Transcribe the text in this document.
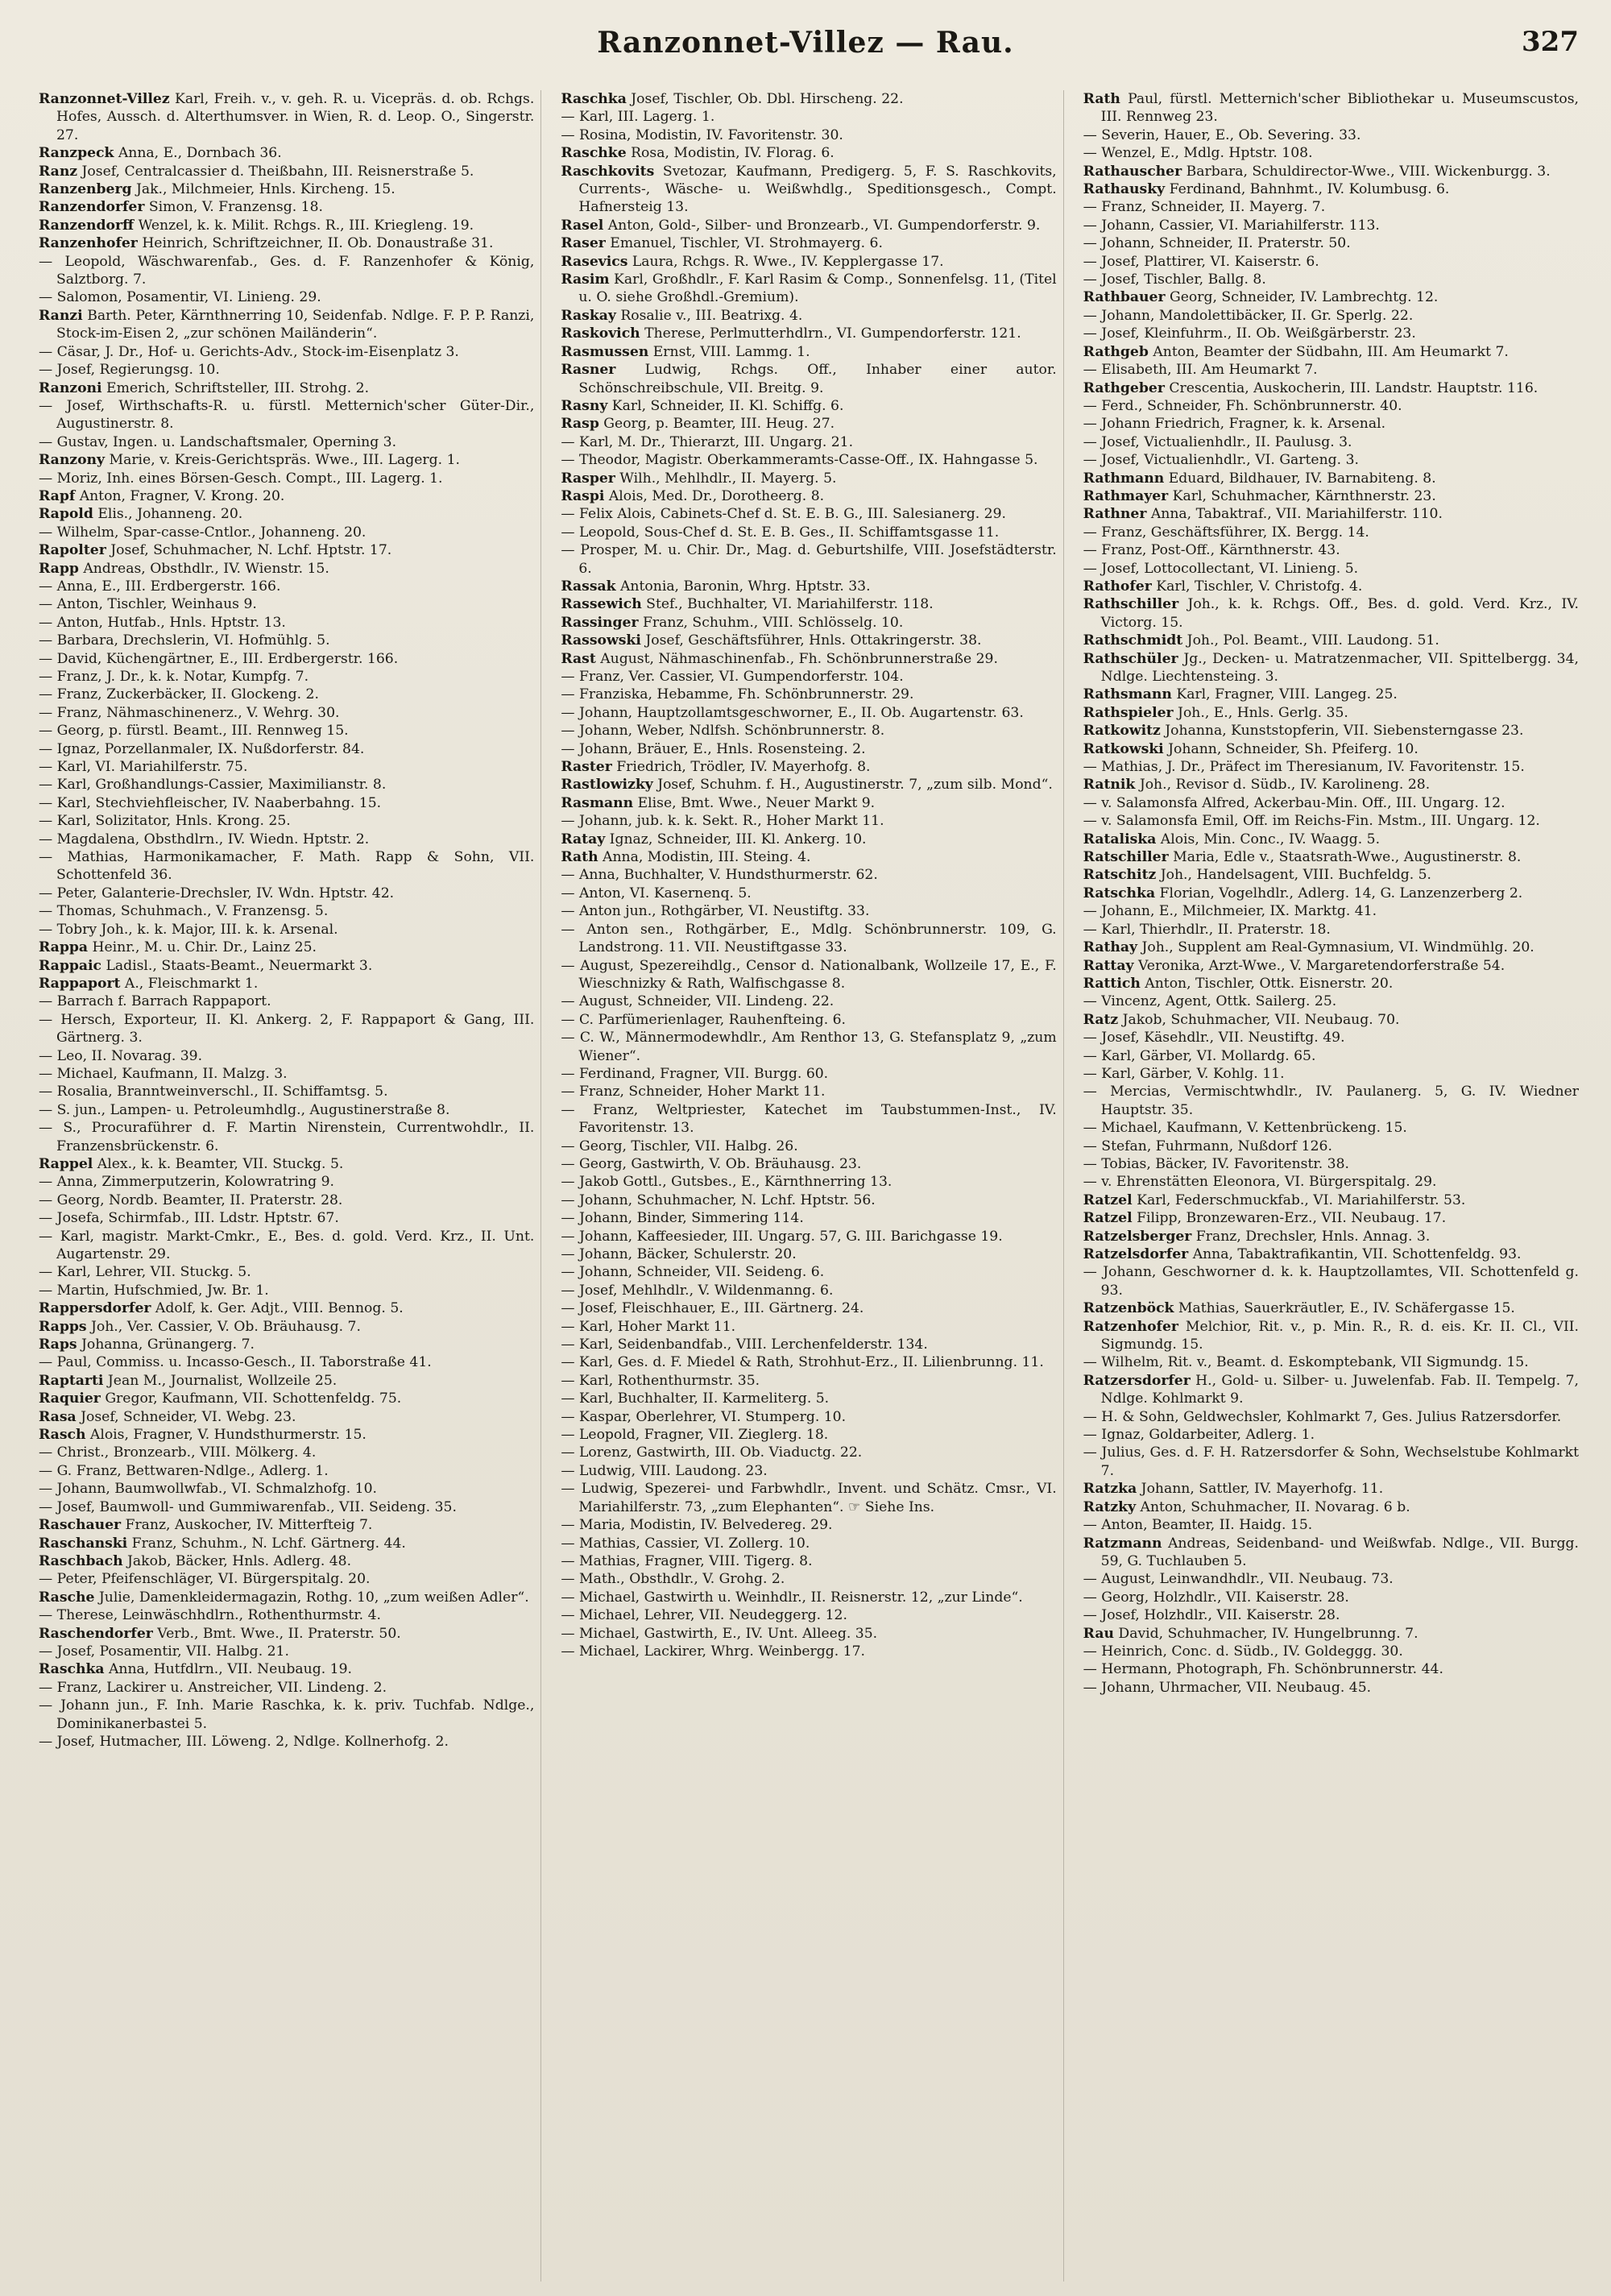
Ranzonnet-Villez — Rau.	327

Ranzonnet-Villez Karl, Freih. v., v. geh. R. u. Vicepräs. d. ob. Rchgs. Hofes, Aussch. d. Alterthumsver. in Wien, R. d. Leop. O., Singerstr. 27.

Ranzpeck Anna, E., Dornbach 36.

Ranz Josef, Centralcassier d. Theißbahn, III. Reisnerstraße 5.

Ranzenberg Jak., Milchmeier, Hnls. Kircheng. 15.

Ranzendorfer Simon, V. Franzensg. 18.

Ranzendorff Wenzel, k. k. Milit. Rchgs. R., III. Kriegleng. 19.

Ranzenhofer Heinrich, Schriftzeichner, II. Ob. Donaustraße 31.

— Leopold, Wäschwarenfab., Ges. d. F. Ranzenhofer & König, Salztborg. 7.

— Salomon, Posamentir, VI. Linieng. 29.

Ranzi Barth. Peter, Kärnthnerring 10, Seidenfab. Ndlge. F. P. P. Ranzi, Stock-im-Eisen 2, „zur schönen Mailänderin“.

— Cäsar, J. Dr., Hof- u. Gerichts-Adv., Stock-im-Eisenplatz 3.

— Josef, Regierungsg. 10.

Ranzoni Emerich, Schriftsteller, III. Strohg. 2.

— Josef, Wirthschafts-R. u. fürstl. Metternich'scher Güter-Dir., Augustinerstr. 8.

— Gustav, Ingen. u. Landschaftsmaler, Operning 3.

Ranzony Marie, v. Kreis-Gerichtspräs. Wwe., III. Lagerg. 1.

— Moriz, Inh. eines Börsen-Gesch. Compt., III. Lagerg. 1.

Rapf Anton, Fragner, V. Krong. 20.

Rapold Elis., Johanneng. 20.

— Wilhelm, Spar-casse-Cntlor., Johanneng. 20.

Rapolter Josef, Schuhmacher, N. Lchf. Hptstr. 17.

Rapp Andreas, Obsthdlr., IV. Wienstr. 15.

— Anna, E., III. Erdbergerstr. 166.

— Anton, Tischler, Weinhaus 9.

— Anton, Hutfab., Hnls. Hptstr. 13.

— Barbara, Drechslerin, VI. Hofmühlg. 5.

— David, Küchengärtner, E., III. Erdbergerstr. 166.

— Franz, J. Dr., k. k. Notar, Kumpfg. 7.

— Franz, Zuckerbäcker, II. Glockeng. 2.

— Franz, Nähmaschinenerz., V. Wehrg. 30.

— Georg, p. fürstl. Beamt., III. Rennweg 15.

— Ignaz, Porzellanmaler, IX. Nußdorferstr. 84.

— Karl, VI. Mariahilferstr. 75.

— Karl, Großhandlungs-Cassier, Maximilianstr. 8.

— Karl, Stechviehfleischer, IV. Naaberbahng. 15.

— Karl, Solizitator, Hnls. Krong. 25.

— Magdalena, Obsthdlrn., IV. Wiedn. Hptstr. 2.

— Mathias, Harmonikamacher, F. Math. Rapp & Sohn, VII. Schottenfeld 36.

— Peter, Galanterie-Drechsler, IV. Wdn. Hptstr. 42.

— Thomas, Schuhmach., V. Franzensg. 5.

— Tobry Joh., k. k. Major, III. k. k. Arsenal.

Rappa Heinr., M. u. Chir. Dr., Lainz 25.

Rappaic Ladisl., Staats-Beamt., Neuermarkt 3.

Rappaport A., Fleischmarkt 1.

— Barrach f. Barrach Rappaport.

— Hersch, Exporteur, II. Kl. Ankerg. 2, F. Rappaport & Gang, III. Gärtnerg. 3.

— Leo, II. Novarag. 39.

— Michael, Kaufmann, II. Malzg. 3.

— Rosalia, Branntweinverschl., II. Schiffamtsg. 5.

— S. jun., Lampen- u. Petroleumhdlg., Augustinerstraße 8.

— S., Procuraführer d. F. Martin Nirenstein, Currentwohdlr., II. Franzensbrückenstr. 6.

Rappel Alex., k. k. Beamter, VII. Stuckg. 5.

— Anna, Zimmerputzerin, Kolowratring 9.

— Georg, Nordb. Beamter, II. Praterstr. 28.

— Josefa, Schirmfab., III. Ldstr. Hptstr. 67.

— Karl, magistr. Markt-Cmkr., E., Bes. d. gold. Verd. Krz., II. Unt. Augartenstr. 29.

— Karl, Lehrer, VII. Stuckg. 5.

— Martin, Hufschmied, Jw. Br. 1.

Rappersdorfer Adolf, k. Ger. Adjt., VIII. Bennog. 5.

Rapps Joh., Ver. Cassier, V. Ob. Bräuhausg. 7.

Raps Johanna, Grünangerg. 7.

— Paul, Commiss. u. Incasso-Gesch., II. Taborstraße 41.

Raptarti Jean M., Journalist, Wollzeile 25.

Raquier Gregor, Kaufmann, VII. Schottenfeldg. 75.

Rasa Josef, Schneider, VI. Webg. 23.

Rasch Alois, Fragner, V. Hundsthurmerstr. 15.

— Christ., Bronzearb., VIII. Mölkerg. 4.

— G. Franz, Bettwaren-Ndlge., Adlerg. 1.

— Johann, Baumwollwfab., VI. Schmalzhofg. 10.

— Josef, Baumwoll- und Gummiwarenfab., VII. Seideng. 35.

Raschauer Franz, Auskocher, IV. Mitterfteig 7.

Raschanski Franz, Schuhm., N. Lchf. Gärtnerg. 44.

Raschbach Jakob, Bäcker, Hnls. Adlerg. 48.

— Peter, Pfeifenschläger, VI. Bürgerspitalg. 20.

Rasche Julie, Damenkleidermagazin, Rothg. 10, „zum weißen Adler“.

— Therese, Leinwäschhdlrn., Rothenthurmstr. 4.

Raschendorfer Verb., Bmt. Wwe., II. Praterstr. 50.

— Josef, Posamentir, VII. Halbg. 21.

Raschka Anna, Hutfdlrn., VII. Neubaug. 19.

— Franz, Lackirer u. Anstreicher, VII. Lindeng. 2.

— Johann jun., F. Inh. Marie Raschka, k. k. priv. Tuchfab. Ndlge., Dominikanerbastei 5.

— Josef, Hutmacher, III. Löweng. 2, Ndlge. Kollnerhofg. 2.

Raschka Josef, Tischler, Ob. Dbl. Hirscheng. 22.

— Karl, III. Lagerg. 1.

— Rosina, Modistin, IV. Favoritenstr. 30.

Raschke Rosa, Modistin, IV. Florag. 6.

Raschkovits Svetozar, Kaufmann, Predigerg. 5, F. S. Raschkovits, Currents-, Wäsche- u. Weißwhdlg., Speditionsgesch., Compt. Hafnersteig 13.

Rasel Anton, Gold-, Silber- und Bronzearb., VI. Gumpendorferstr. 9.

Raser Emanuel, Tischler, VI. Strohmayerg. 6.

Rasevics Laura, Rchgs. R. Wwe., IV. Kepplergasse 17.

Rasim Karl, Großhdlr., F. Karl Rasim & Comp., Sonnenfelsg. 11, (Titel u. O. siehe Großhdl.-Gremium).

Raskay Rosalie v., III. Beatrixg. 4.

Raskovich Therese, Perlmutterhdlrn., VI. Gumpendorferstr. 121.

Rasmussen Ernst, VIII. Lammg. 1.

Rasner Ludwig, Rchgs. Off., Inhaber einer autor. Schönschreibschule, VII. Breitg. 9.

Rasny Karl, Schneider, II. Kl. Schiffg. 6.

Rasp Georg, p. Beamter, III. Heug. 27.

— Karl, M. Dr., Thierarzt, III. Ungarg. 21.

— Theodor, Magistr. Oberkammeramts-Casse-Off., IX. Hahngasse 5.

Rasper Wilh., Mehlhdlr., II. Mayerg. 5.

Raspi Alois, Med. Dr., Dorotheerg. 8.

— Felix Alois, Cabinets-Chef d. St. E. B. G., III. Salesianerg. 29.

— Leopold, Sous-Chef d. St. E. B. Ges., II. Schiffamtsgasse 11.

— Prosper, M. u. Chir. Dr., Mag. d. Geburtshilfe, VIII. Josefstädterstr. 6.

Rassak Antonia, Baronin, Whrg. Hptstr. 33.

Rassewich Stef., Buchhalter, VI. Mariahilferstr. 118.

Rassinger Franz, Schuhm., VIII. Schlösselg. 10.

Rassowski Josef, Geschäftsführer, Hnls. Ottakringerstr. 38.

Rast August, Nähmaschinenfab., Fh. Schönbrunnerstraße 29.

— Franz, Ver. Cassier, VI. Gumpendorferstr. 104.

— Franziska, Hebamme, Fh. Schönbrunnerstr. 29.

— Johann, Hauptzollamtsgeschworner, E., II. Ob. Augartenstr. 63.

— Johann, Weber, Ndlfsh. Schönbrunnerstr. 8.

— Johann, Bräuer, E., Hnls. Rosensteing. 2.

Raster Friedrich, Trödler, IV. Mayerhofg. 8.

Rastlowizky Josef, Schuhm. f. H., Augustinerstr. 7, „zum silb. Mond“.

Rasmann Elise, Bmt. Wwe., Neuer Markt 9.

— Johann, jub. k. k. Sekt. R., Hoher Markt 11.

Ratay Ignaz, Schneider, III. Kl. Ankerg. 10.

Rath Anna, Modistin, III. Steing. 4.

— Anna, Buchhalter, V. Hundsthurmerstr. 62.

— Anton, VI. Kasernenq. 5.

— Anton jun., Rothgärber, VI. Neustiftg. 33.

— Anton sen., Rothgärber, E., Mdlg. Schönbrunnerstr. 109, G. Landstrong. 11. VII. Neustiftgasse 33.

— August, Spezereihdlg., Censor d. Nationalbank, Wollzeile 17, E., F. Wieschnizky & Rath, Walfischgasse 8.

— August, Schneider, VII. Lindeng. 22.

— C. Parfümerienlager, Rauhenfteing. 6.

— C. W., Männermodewhdlr., Am Renthor 13, G. Stefansplatz 9, „zum Wiener“.

— Ferdinand, Fragner, VII. Burgg. 60.

— Franz, Schneider, Hoher Markt 11.

— Franz, Weltpriester, Katechet im Taubstummen-Inst., IV. Favoritenstr. 13.

— Georg, Tischler, VII. Halbg. 26.

— Georg, Gastwirth, V. Ob. Bräuhausg. 23.

— Jakob Gottl., Gutsbes., E., Kärnthnerring 13.

— Johann, Schuhmacher, N. Lchf. Hptstr. 56.

— Johann, Binder, Simmering 114.

— Johann, Kaffeesieder, III. Ungarg. 57, G. III. Barichgasse 19.

— Johann, Bäcker, Schulerstr. 20.

— Johann, Schneider, VII. Seideng. 6.

— Josef, Mehlhdlr., V. Wildenmanng. 6.

— Josef, Fleischhauer, E., III. Gärtnerg. 24.

— Karl, Hoher Markt 11.

— Karl, Seidenbandfab., VIII. Lerchenfelderstr. 134.

— Karl, Ges. d. F. Miedel & Rath, Strohhut-Erz., II. Lilienbrunng. 11.

— Karl, Rothenthurmstr. 35.

— Karl, Buchhalter, II. Karmeliterg. 5.

— Kaspar, Oberlehrer, VI. Stumperg. 10.

— Leopold, Fragner, VII. Zieglerg. 18.

— Lorenz, Gastwirth, III. Ob. Viaductg. 22.

— Ludwig, VIII. Laudong. 23.

— Ludwig, Spezerei- und Farbwhdlr., Invent. und Schätz. Cmsr., VI. Mariahilferstr. 73, „zum Elephanten“. ☞ Siehe Ins.

— Maria, Modistin, IV. Belvedereg. 29.

— Mathias, Cassier, VI. Zollerg. 10.

— Mathias, Fragner, VIII. Tigerg. 8.

— Math., Obsthdlr., V. Grohg. 2.

— Michael, Gastwirth u. Weinhdlr., II. Reisnerstr. 12, „zur Linde“.

— Michael, Lehrer, VII. Neudeggerg. 12.

— Michael, Gastwirth, E., IV. Unt. Alleeg. 35.

— Michael, Lackirer, Whrg. Weinbergg. 17.

Rath Paul, fürstl. Metternich'scher Bibliothekar u. Museumscustos, III. Rennweg 23.

— Severin, Hauer, E., Ob. Severing. 33.

— Wenzel, E., Mdlg. Hptstr. 108.

Rathauscher Barbara, Schuldirector-Wwe., VIII. Wickenburgg. 3.

Rathausky Ferdinand, Bahnhmt., IV. Kolumbusg. 6.

— Franz, Schneider, II. Mayerg. 7.

— Johann, Cassier, VI. Mariahilferstr. 113.

— Johann, Schneider, II. Praterstr. 50.

— Josef, Plattirer, VI. Kaiserstr. 6.

— Josef, Tischler, Ballg. 8.

Rathbauer Georg, Schneider, IV. Lambrechtg. 12.

— Johann, Mandolettibäcker, II. Gr. Sperlg. 22.

— Josef, Kleinfuhrm., II. Ob. Weißgärberstr. 23.

Rathgeb Anton, Beamter der Südbahn, III. Am Heumarkt 7.

— Elisabeth, III. Am Heumarkt 7.

Rathgeber Crescentia, Auskocherin, III. Landstr. Hauptstr. 116.

— Ferd., Schneider, Fh. Schönbrunnerstr. 40.

— Johann Friedrich, Fragner, k. k. Arsenal.

— Josef, Victualienhdlr., II. Paulusg. 3.

— Josef, Victualienhdlr., VI. Garteng. 3.

Rathmann Eduard, Bildhauer, IV. Barnabiteng. 8.

Rathmayer Karl, Schuhmacher, Kärnthnerstr. 23.

Rathner Anna, Tabaktraf., VII. Mariahilferstr. 110.

— Franz, Geschäftsführer, IX. Bergg. 14.

— Franz, Post-Off., Kärnthnerstr. 43.

— Josef, Lottocollectant, VI. Linieng. 5.

Rathofer Karl, Tischler, V. Christofg. 4.

Rathschiller Joh., k. k. Rchgs. Off., Bes. d. gold. Verd. Krz., IV. Victorg. 15.

Rathschmidt Joh., Pol. Beamt., VIII. Laudong. 51.

Rathschüler Jg., Decken- u. Matratzenmacher, VII. Spittelbergg. 34, Ndlge. Liechtensteing. 3.

Rathsmann Karl, Fragner, VIII. Langeg. 25.

Rathspieler Joh., E., Hnls. Gerlg. 35.

Ratkowitz Johanna, Kunststopferin, VII. Siebensterngasse 23.

Ratkowski Johann, Schneider, Sh. Pfeiferg. 10.

— Mathias, J. Dr., Präfect im Theresianum, IV. Favoritenstr. 15.

Ratnik Joh., Revisor d. Südb., IV. Karolineng. 28.

— v. Salamonsfa Alfred, Ackerbau-Min. Off., III. Ungarg. 12.

— v. Salamonsfa Emil, Off. im Reichs-Fin. Mstm., III. Ungarg. 12.

Rataliska Alois, Min. Conc., IV. Waagg. 5.

Ratschiller Maria, Edle v., Staatsrath-Wwe., Augustinerstr. 8.

Ratschitz Joh., Handelsagent, VIII. Buchfeldg. 5.

Ratschka Florian, Vogelhdlr., Adlerg. 14, G. Lanzenzerberg 2.

— Johann, E., Milchmeier, IX. Marktg. 41.

— Karl, Thierhdlr., II. Praterstr. 18.

Rathay Joh., Supplent am Real-Gymnasium, VI. Windmühlg. 20.

Rattay Veronika, Arzt-Wwe., V. Margaretendorferstraße 54.

Rattich Anton, Tischler, Ottk. Eisnerstr. 20.

— Vincenz, Agent, Ottk. Sailerg. 25.

Ratz Jakob, Schuhmacher, VII. Neubaug. 70.

— Josef, Käsehdlr., VII. Neustiftg. 49.

— Karl, Gärber, VI. Mollardg. 65.

— Karl, Gärber, V. Kohlg. 11.

— Mercias, Vermischtwhdlr., IV. Paulanerg. 5, G. IV. Wiedner Hauptstr. 35.

— Michael, Kaufmann, V. Kettenbrückeng. 15.

— Stefan, Fuhrmann, Nußdorf 126.

— Tobias, Bäcker, IV. Favoritenstr. 38.

— v. Ehrenstätten Eleonora, VI. Bürgerspitalg. 29.

Ratzel Karl, Federschmuckfab., VI. Mariahilferstr. 53.

Ratzel Filipp, Bronzewaren-Erz., VII. Neubaug. 17.

Ratzelsberger Franz, Drechsler, Hnls. Annag. 3.

Ratzelsdorfer Anna, Tabaktrafikantin, VII. Schottenfeldg. 93.

— Johann, Geschworner d. k. k. Hauptzollamtes, VII. Schottenfeld g. 93.

Ratzenböck Mathias, Sauerkräutler, E., IV. Schäfergasse 15.

Ratzenhofer Melchior, Rit. v., p. Min. R., R. d. eis. Kr. II. Cl., VII. Sigmundg. 15.

— Wilhelm, Rit. v., Beamt. d. Eskomptebank, VII Sigmundg. 15.

Ratzersdorfer H., Gold- u. Silber- u. Juwelenfab. Fab. II. Tempelg. 7, Ndlge. Kohlmarkt 9.

— H. & Sohn, Geldwechsler, Kohlmarkt 7, Ges. Julius Ratzersdorfer.

— Ignaz, Goldarbeiter, Adlerg. 1.

— Julius, Ges. d. F. H. Ratzersdorfer & Sohn, Wechselstube Kohlmarkt 7.

Ratzka Johann, Sattler, IV. Mayerhofg. 11.

Ratzky Anton, Schuhmacher, II. Novarag. 6 b.

— Anton, Beamter, II. Haidg. 15.

Ratzmann Andreas, Seidenband- und Weißwfab. Ndlge., VII. Burgg. 59, G. Tuchlauben 5.

— August, Leinwandhdlr., VII. Neubaug. 73.

— Georg, Holzhdlr., VII. Kaiserstr. 28.

— Josef, Holzhdlr., VII. Kaiserstr. 28.

Rau David, Schuhmacher, IV. Hungelbrunng. 7.

— Heinrich, Conc. d. Südb., IV. Goldeggg. 30.

— Hermann, Photograph, Fh. Schönbrunnerstr. 44.

— Johann, Uhrmacher, VII. Neubaug. 45.
